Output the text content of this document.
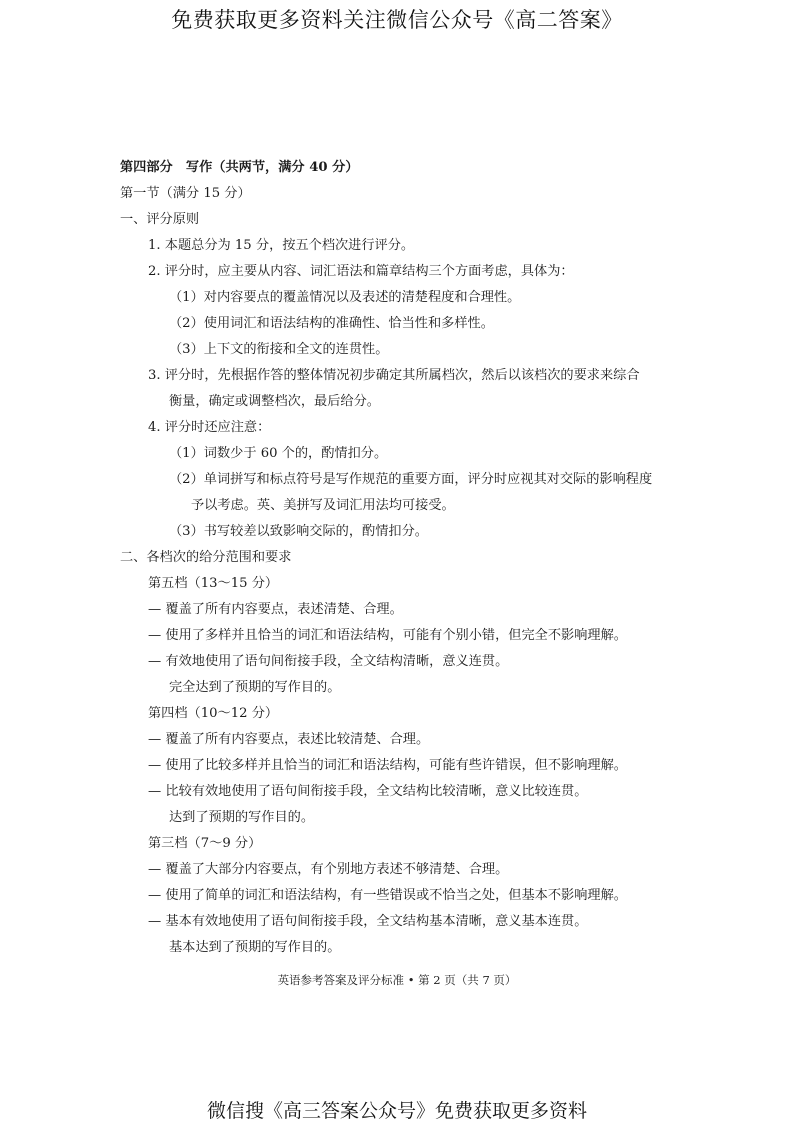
免费获取更多资料关注微信公众号《高二答案》
第四部分　写作（共两节，满分 40 分）
第一节（满分 15 分）
一、评分原则
1. 本题总分为 15 分，按五个档次进行评分。
2. 评分时，应主要从内容、词汇语法和篇章结构三个方面考虑，具体为：
（1）对内容要点的覆盖情况以及表述的清楚程度和合理性。
（2）使用词汇和语法结构的准确性、恰当性和多样性。
（3）上下文的衔接和全文的连贯性。
3. 评分时，先根据作答的整体情况初步确定其所属档次，然后以该档次的要求来综合
衡量，确定或调整档次，最后给分。
4. 评分时还应注意：
（1）词数少于 60 个的，酌情扣分。
（2）单词拼写和标点符号是写作规范的重要方面，评分时应视其对交际的影响程度
予以考虑。英、美拼写及词汇用法均可接受。
（3）书写较差以致影响交际的，酌情扣分。
二、各档次的给分范围和要求
第五档（13～15 分）
— 覆盖了所有内容要点，表述清楚、合理。
— 使用了多样并且恰当的词汇和语法结构，可能有个别小错，但完全不影响理解。
— 有效地使用了语句间衔接手段，全文结构清晰，意义连贯。
完全达到了预期的写作目的。
第四档（10～12 分）
— 覆盖了所有内容要点，表述比较清楚、合理。
— 使用了比较多样并且恰当的词汇和语法结构，可能有些许错误，但不影响理解。
— 比较有效地使用了语句间衔接手段，全文结构比较清晰，意义比较连贯。
达到了预期的写作目的。
第三档（7～9 分）
— 覆盖了大部分内容要点，有个别地方表述不够清楚、合理。
— 使用了简单的词汇和语法结构，有一些错误或不恰当之处，但基本不影响理解。
— 基本有效地使用了语句间衔接手段，全文结构基本清晰，意义基本连贯。
基本达到了预期的写作目的。
英语参考答案及评分标准 • 第 2 页（共 7 页）
微信搜《高三答案公众号》免费获取更多资料
